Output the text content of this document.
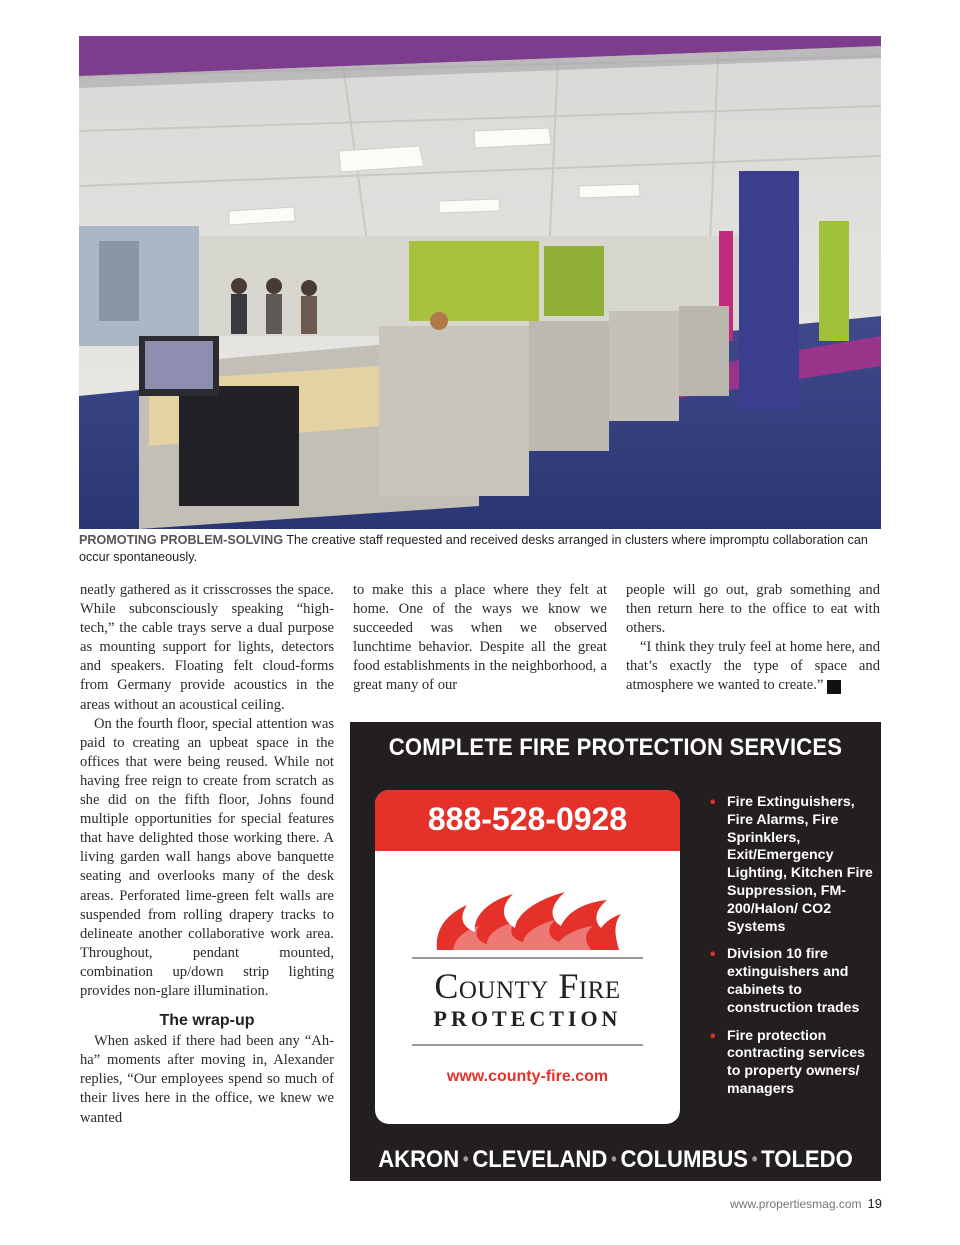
PROMOTING PROBLEM-SOLVING The creative staff requested and received desks arranged in clusters where impromptu collaboration can occur spontaneously.

neatly gathered as it crisscrosses the space. While subconsciously speaking “high-tech,” the cable trays serve a dual purpose as mounting support for lights, detectors and speakers. Floating felt cloud-forms from Germany provide acoustics in the areas without an acoustical ceiling.

On the fourth floor, special attention was paid to creating an upbeat space in the offices that were being reused. While not having free reign to create from scratch as she did on the fifth floor, Johns found multiple opportunities for special features that have delighted those working there. A living garden wall hangs above banquette seating and overlooks many of the desk areas. Perforated lime-green felt walls are suspended from rolling drapery tracks to delineate another collaborative work area. Throughout, pendant mounted, combination up/down strip lighting provides non-glare illumination.

The wrap-up

When asked if there had been any “Ah-ha” moments after moving in, Alexander replies, “Our employees spend so much of their lives here in the office, we knew we wanted

to make this a place where they felt at home. One of the ways we know we succeeded was when we observed lunchtime behavior. Despite all the great food establishments in the neighborhood, a great many of our

people will go out, grab something and then return here to the office to eat with others.

“I think they truly feel at home here, and that’s exactly the type of space and atmosphere we wanted to create.” P

COMPLETE FIRE PROTECTION SERVICES
888-528-0928
County Fire
PROTECTION
www.county-fire.com
• Fire Extinguishers, Fire Alarms, Fire Sprinklers, Exit/Emergency Lighting, Kitchen Fire Suppression, FM-200/Halon/ CO2 Systems
• Division 10 fire extinguishers and cabinets to construction trades
• Fire protection contracting services to property owners/ managers
AKRON • CLEVELAND • COLUMBUS • TOLEDO
www.propertiesmag.com 19
